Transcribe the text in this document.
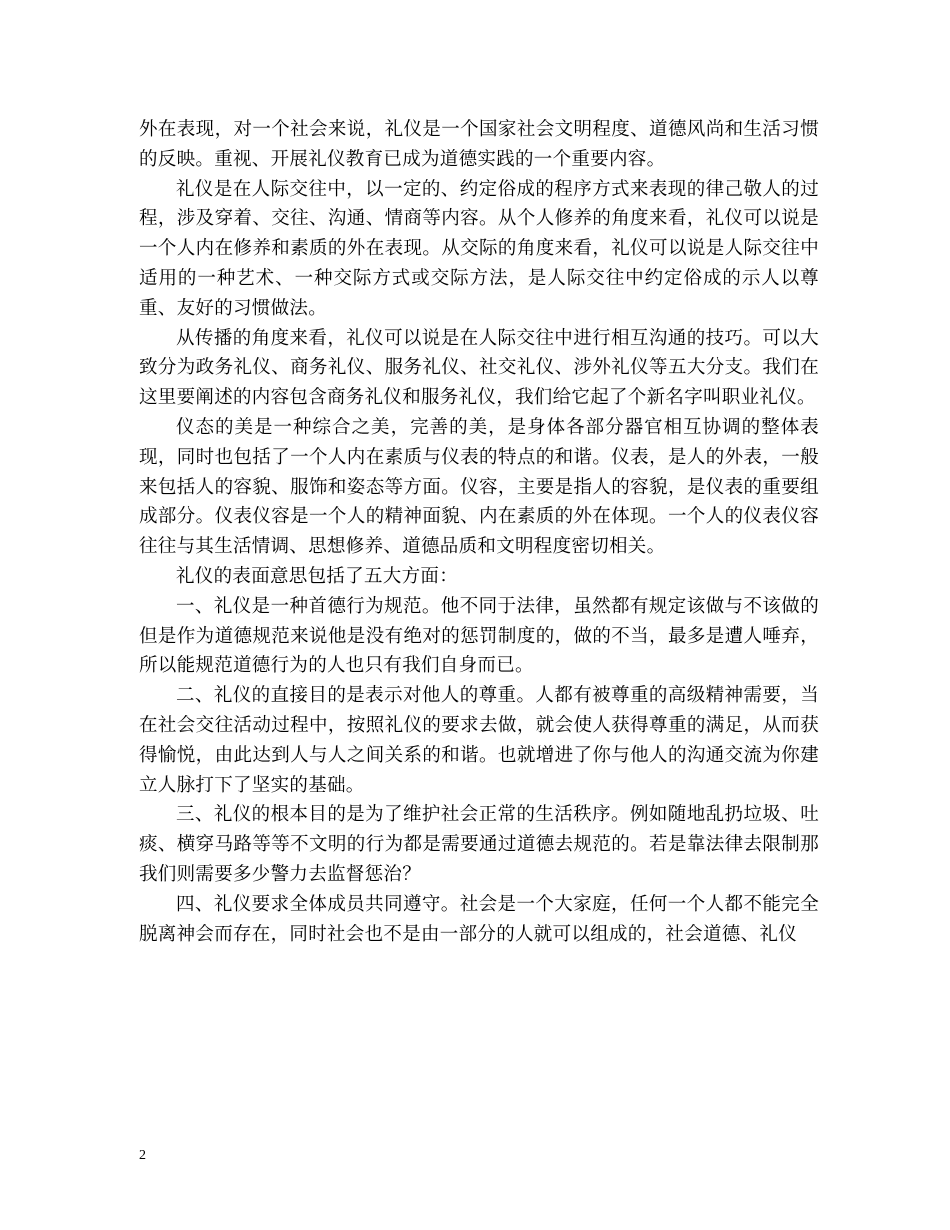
外在表现，对一个社会来说，礼仪是一个国家社会文明程度、道德风尚和生活习惯的反映。重视、开展礼仪教育已成为道德实践的一个重要内容。

礼仪是在人际交往中，以一定的、约定俗成的程序方式来表现的律己敬人的过程，涉及穿着、交往、沟通、情商等内容。从个人修养的角度来看，礼仪可以说是一个人内在修养和素质的外在表现。从交际的角度来看，礼仪可以说是人际交往中适用的一种艺术、一种交际方式或交际方法，是人际交往中约定俗成的示人以尊重、友好的习惯做法。

从传播的角度来看，礼仪可以说是在人际交往中进行相互沟通的技巧。可以大致分为政务礼仪、商务礼仪、服务礼仪、社交礼仪、涉外礼仪等五大分支。我们在这里要阐述的内容包含商务礼仪和服务礼仪，我们给它起了个新名字叫职业礼仪。

仪态的美是一种综合之美，完善的美，是身体各部分器官相互协调的整体表现，同时也包括了一个人内在素质与仪表的特点的和谐。仪表，是人的外表，一般来包括人的容貌、服饰和姿态等方面。仪容，主要是指人的容貌，是仪表的重要组成部分。仪表仪容是一个人的精神面貌、内在素质的外在体现。一个人的仪表仪容往往与其生活情调、思想修养、道德品质和文明程度密切相关。

礼仪的表面意思包括了五大方面：

一、礼仪是一种首德行为规范。他不同于法律，虽然都有规定该做与不该做的但是作为道德规范来说他是没有绝对的惩罚制度的，做的不当，最多是遭人唾弃，所以能规范道德行为的人也只有我们自身而已。

二、礼仪的直接目的是表示对他人的尊重。人都有被尊重的高级精神需要，当在社会交往活动过程中，按照礼仪的要求去做，就会使人获得尊重的满足，从而获得愉悦，由此达到人与人之间关系的和谐。也就增进了你与他人的沟通交流为你建立人脉打下了坚实的基础。

三、礼仪的根本目的是为了维护社会正常的生活秩序。例如随地乱扔垃圾、吐痰、横穿马路等等不文明的行为都是需要通过道德去规范的。若是靠法律去限制那我们则需要多少警力去监督惩治？

四、礼仪要求全体成员共同遵守。社会是一个大家庭，任何一个人都不能完全脱离神会而存在，同时社会也不是由一部分的人就可以组成的，社会道德、礼仪

2
